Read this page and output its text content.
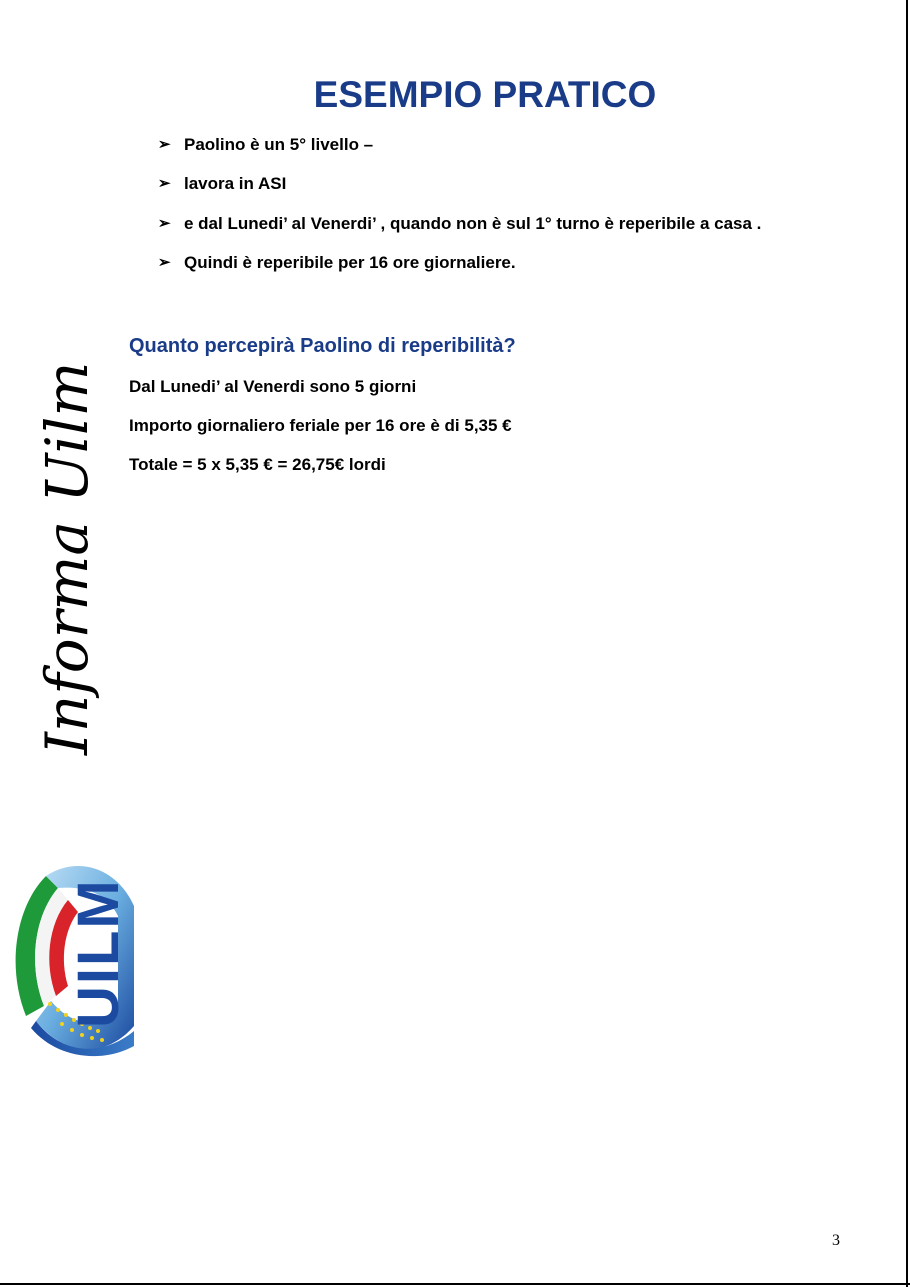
ESEMPIO PRATICO
➢ Paolino è un 5° livello –
➢ lavora in ASI
➢ e dal Lunedi’ al Venerdi’ , quando non è sul 1° turno è reperibile a casa .
➢ Quindi è reperibile per 16 ore giornaliere.
Quanto percepirà Paolino di reperibilità?
Dal Lunedi’ al Venerdi sono 5 giorni
Importo giornaliero feriale per 16 ore è di 5,35 €
Totale = 5 x 5,35 € = 26,75€ lordi
Informa Uilm
UILM
3
